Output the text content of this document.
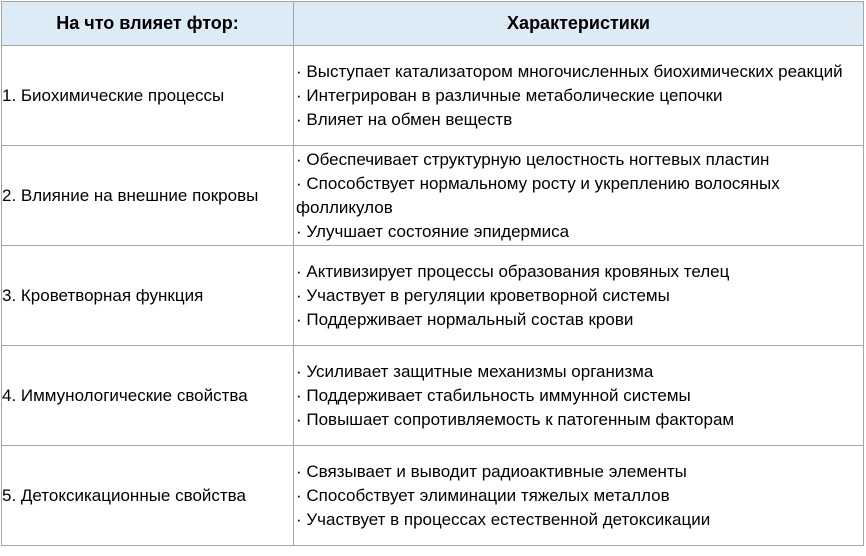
На что влияет фтор:	Характеристики
1. Биохимические процессы	· Выступает катализатором многочисленных биохимических реакций
· Интегрирован в различные метаболические цепочки
· Влияет на обмен веществ

2. Влияние на внешние покровы	· Обеспечивает структурную целостность ногтевых пластин
· Способствует нормальному росту и укреплению волосяных фолликулов
· Улучшает состояние эпидермиса

3. Кроветворная функция	· Активизирует процессы образования кровяных телец
· Участвует в регуляции кроветворной системы
· Поддерживает нормальный состав крови

4. Иммунологические свойства	· Усиливает защитные механизмы организма
· Поддерживает стабильность иммунной системы
· Повышает сопротивляемость к патогенным факторам

5. Детоксикационные свойства	· Связывает и выводит радиоактивные элементы
· Способствует элиминации тяжелых металлов
· Участвует в процессах естественной детоксикации
